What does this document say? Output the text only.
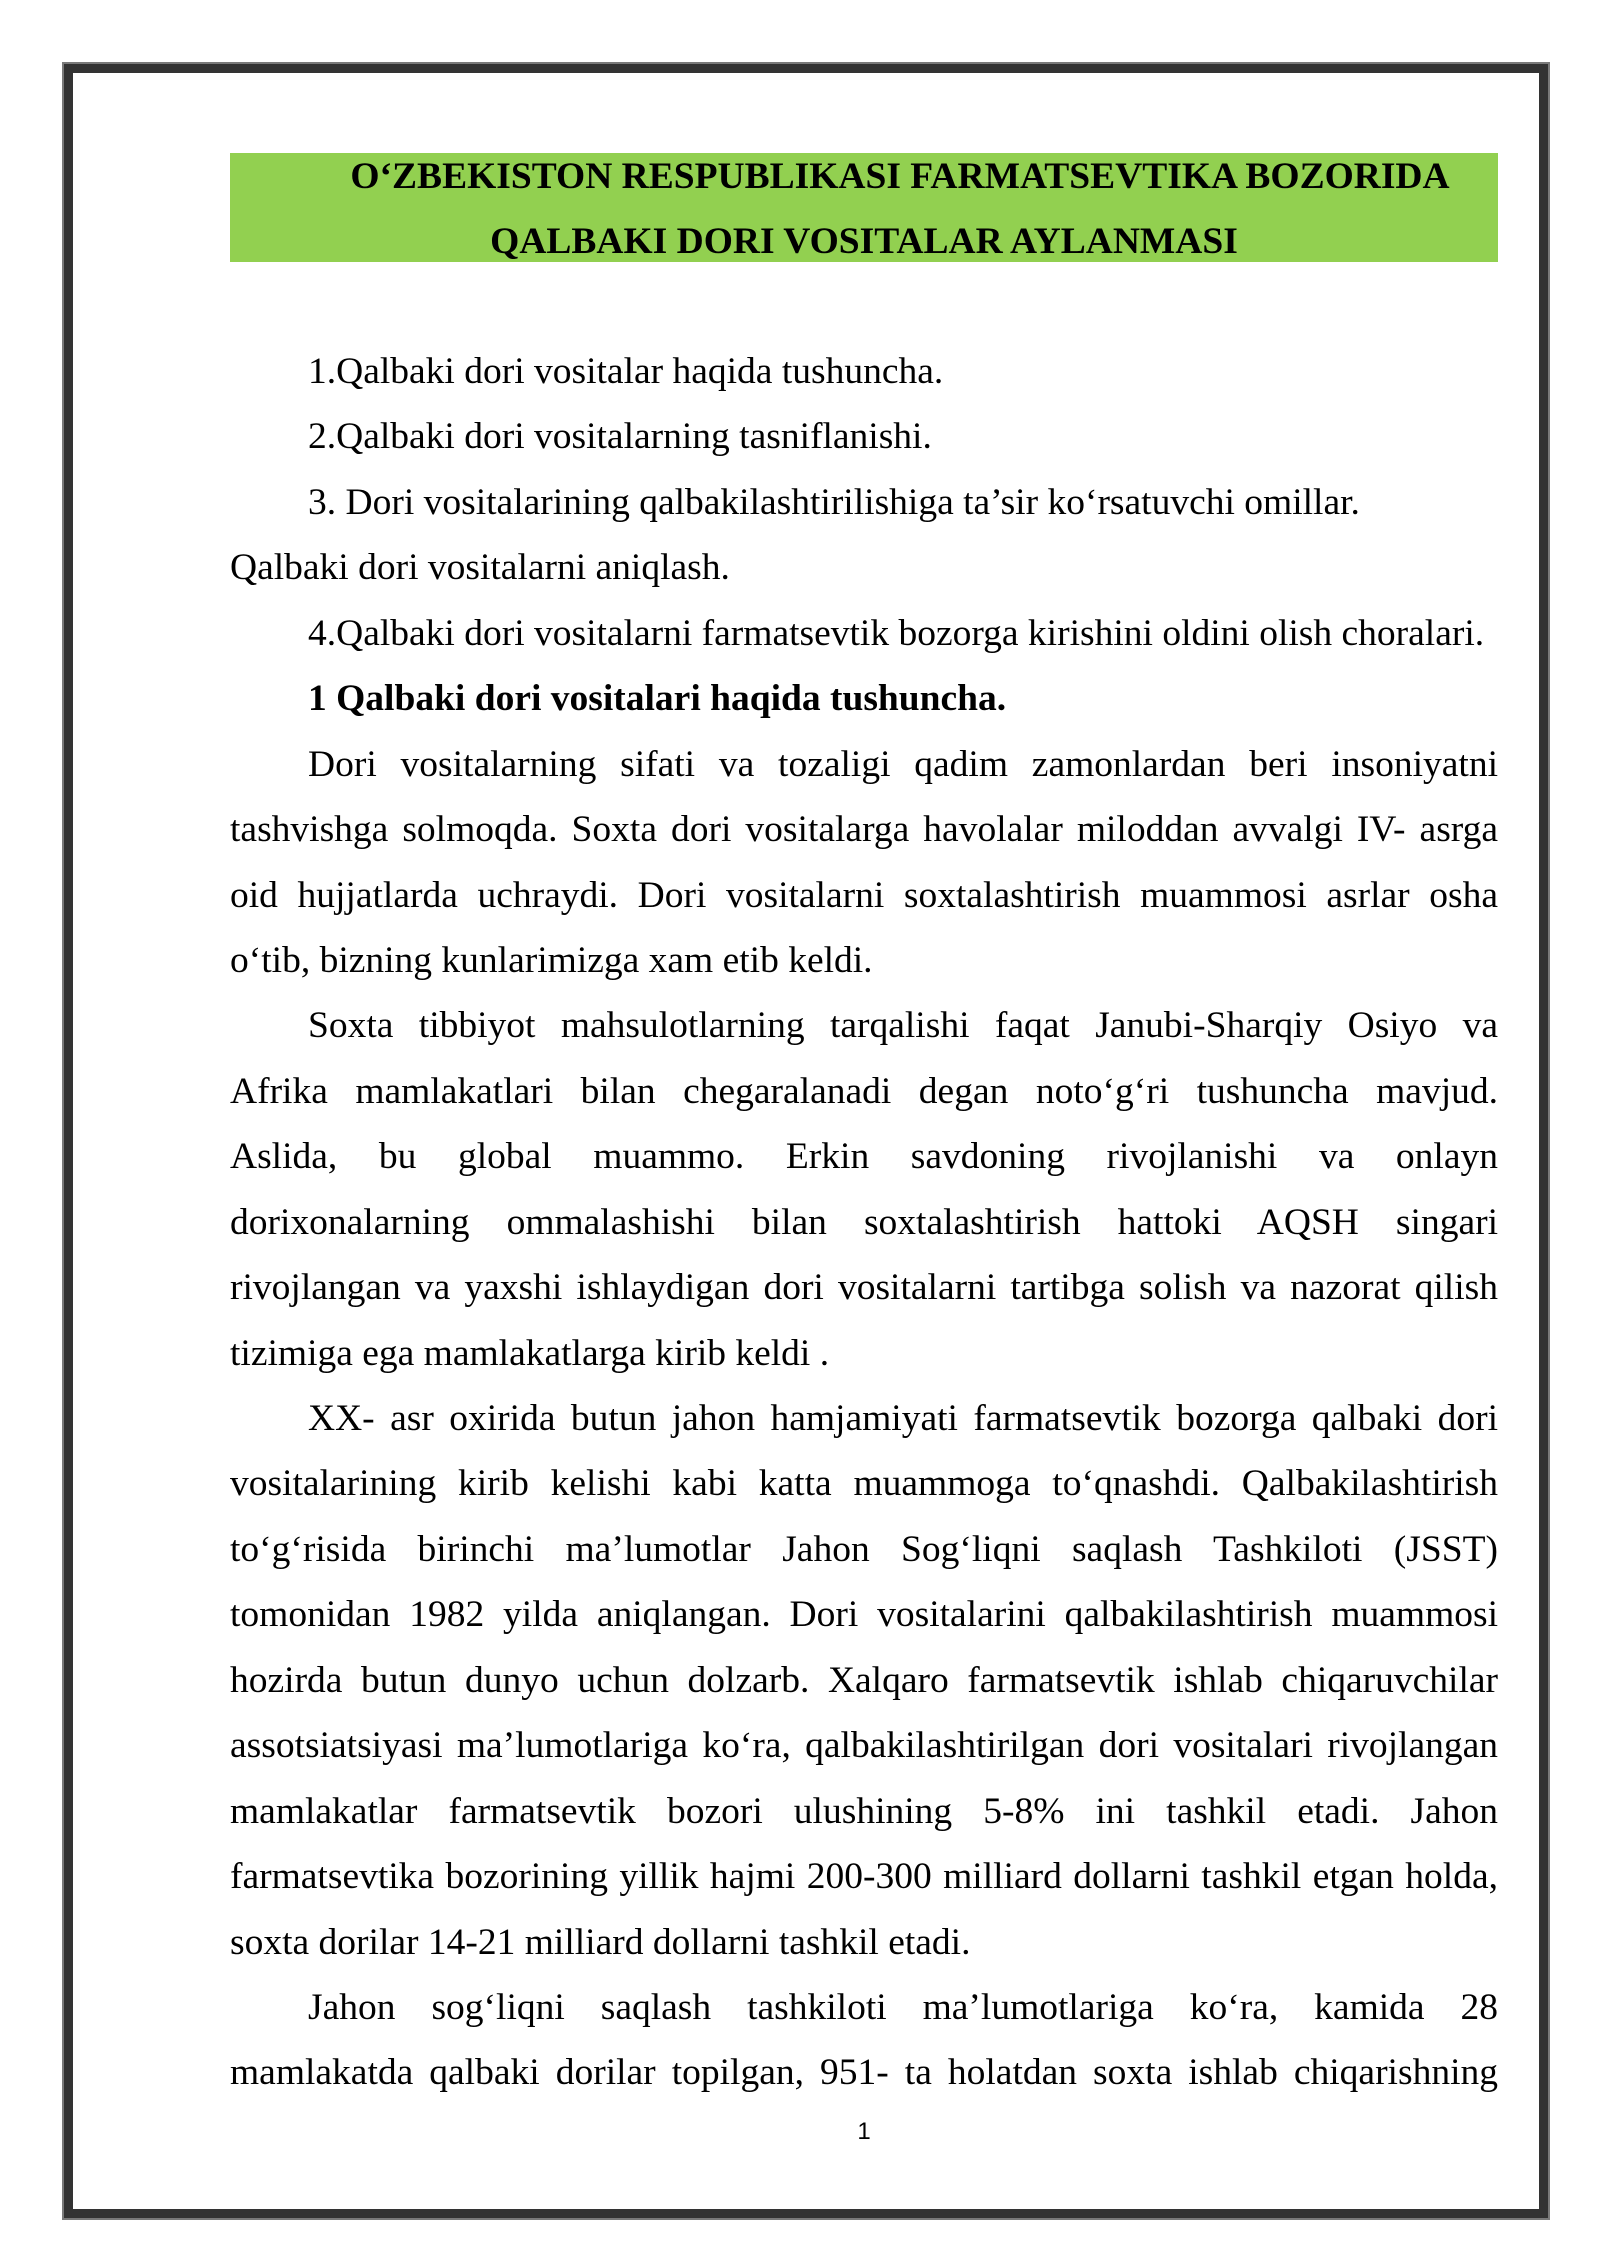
O‘ZBEKISTON RESPUBLIKASI FARMATSEVTIKA BOZORIDA
QALBAKI DORI VOSITALAR AYLANMASI
1.Qalbaki dori vositalar haqida tushuncha.
2.Qalbaki dori vositalarning tasniflanishi.
3. Dori vositalarining qalbakilashtirilishiga ta’sir ko‘rsatuvchi omillar.
Qalbaki dori vositalarni aniqlash.
4.Qalbaki dori vositalarni farmatsevtik bozorga kirishini oldini olish choralari.
1 Qalbaki dori vositalari haqida tushuncha.
Dori vositalarning sifati va tozaligi qadim zamonlardan beri insoniyatni
tashvishga solmoqda. Soxta dori vositalarga havolalar miloddan avvalgi IV- asrga
oid hujjatlarda uchraydi. Dori vositalarni soxtalashtirish muammosi asrlar osha
o‘tib, bizning kunlarimizga xam etib keldi.
Soxta tibbiyot mahsulotlarning tarqalishi faqat Janubi-Sharqiy Osiyo va
Afrika mamlakatlari bilan chegaralanadi degan noto‘g‘ri tushuncha mavjud.
Aslida, bu global muammo. Erkin savdoning rivojlanishi va onlayn
dorixonalarning ommalashishi bilan soxtalashtirish hattoki AQSH singari
rivojlangan va yaxshi ishlaydigan dori vositalarni tartibga solish va nazorat qilish
tizimiga ega mamlakatlarga kirib keldi .
XX- asr oxirida butun jahon hamjamiyati farmatsevtik bozorga qalbaki dori
vositalarining kirib kelishi kabi katta muammoga to‘qnashdi. Qalbakilashtirish
to‘g‘risida birinchi ma’lumotlar Jahon Sog‘liqni saqlash Tashkiloti (JSST)
tomonidan 1982 yilda aniqlangan. Dori vositalarini qalbakilashtirish muammosi
hozirda butun dunyo uchun dolzarb. Xalqaro farmatsevtik ishlab chiqaruvchilar
assotsiatsiyasi ma’lumotlariga ko‘ra, qalbakilashtirilgan dori vositalari rivojlangan
mamlakatlar farmatsevtik bozori ulushining 5-8% ini tashkil etadi. Jahon
farmatsevtika bozorining yillik hajmi 200-300 milliard dollarni tashkil etgan holda,
soxta dorilar 14-21 milliard dollarni tashkil etadi.
Jahon sog‘liqni saqlash tashkiloti ma’lumotlariga ko‘ra, kamida 28
mamlakatda qalbaki dorilar topilgan, 951- ta holatdan soxta ishlab chiqarishning
1
